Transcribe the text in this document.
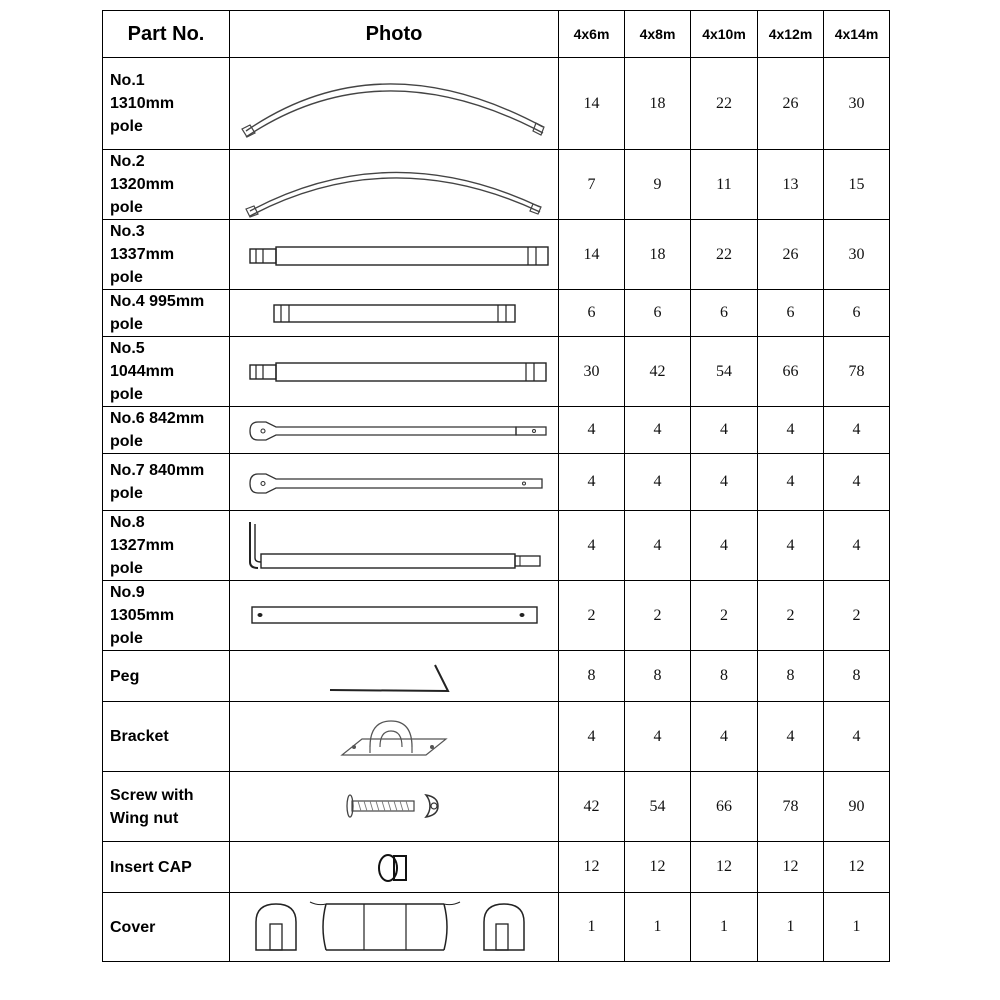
Part No.	Photo	4x6m	4x8m	4x10m	4x12m	4x14m
No.1
1310mm
pole		14	18	22	26	30
No.2
1320mm
pole		7	9	11	13	15
No.3
1337mm
pole		14	18	22	26	30
No.4 995mm
pole		6	6	6	6	6
No.5
1044mm
pole		30	42	54	66	78
No.6 842mm
pole		4	4	4	4	4
No.7 840mm
pole		4	4	4	4	4
No.8
1327mm
pole		4	4	4	4	4
No.9
1305mm
pole		2	2	2	2	2
Peg		8	8	8	8	8
Bracket		4	4	4	4	4
Screw with
Wing nut		42	54	66	78	90
Insert CAP		12	12	12	12	12
Cover		1	1	1	1	1
